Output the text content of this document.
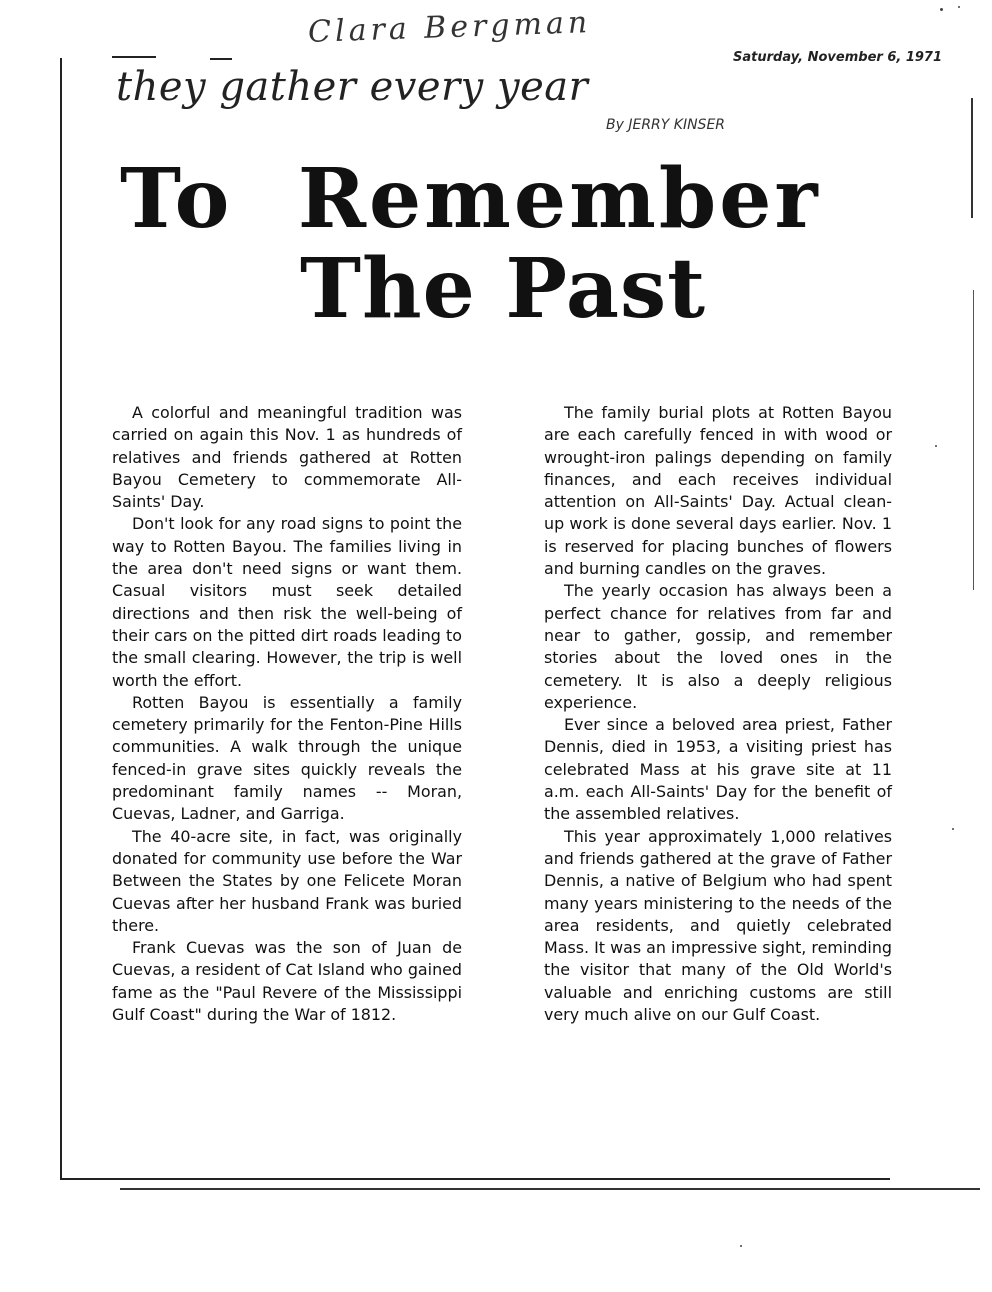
Clara Bergman
Saturday, November 6, 1971
they gather every year
By JERRY KINSER
To Remember
The Past

A colorful and meaningful tradition was carried on again this Nov. 1 as hundreds of relatives and friends gathered at Rotten Bayou Cemetery to commemorate All-Saints' Day.

Don't look for any road signs to point the way to Rotten Bayou. The families living in the area don't need signs or want them. Casual visitors must seek detailed directions and then risk the well-being of their cars on the pitted dirt roads leading to the small clearing. However, the trip is well worth the effort.

Rotten Bayou is essentially a family cemetery primarily for the Fenton-Pine Hills communities. A walk through the unique fenced-in grave sites quickly reveals the predominant family names -- Moran, Cuevas, Ladner, and Garriga.

The 40-acre site, in fact, was originally donated for community use before the War Between the States by one Felicete Moran Cuevas after her husband Frank was buried there.

Frank Cuevas was the son of Juan de Cuevas, a resident of Cat Island who gained fame as the "Paul Revere of the Mississippi Gulf Coast" during the War of 1812.

The family burial plots at Rotten Bayou are each carefully fenced in with wood or wrought-iron palings depending on family finances, and each receives individual attention on All-Saints' Day. Actual clean-up work is done several days earlier. Nov. 1 is reserved for placing bunches of flowers and burning candles on the graves.

The yearly occasion has always been a perfect chance for relatives from far and near to gather, gossip, and remember stories about the loved ones in the cemetery. It is also a deeply religious experience.

Ever since a beloved area priest, Father Dennis, died in 1953, a visiting priest has celebrated Mass at his grave site at 11 a.m. each All-Saints' Day for the benefit of the assembled relatives.

This year approximately 1,000 relatives and friends gathered at the grave of Father Dennis, a native of Belgium who had spent many years ministering to the needs of the area residents, and quietly celebrated Mass. It was an impressive sight, reminding the visitor that many of the Old World's valuable and enriching customs are still very much alive on our Gulf Coast.
